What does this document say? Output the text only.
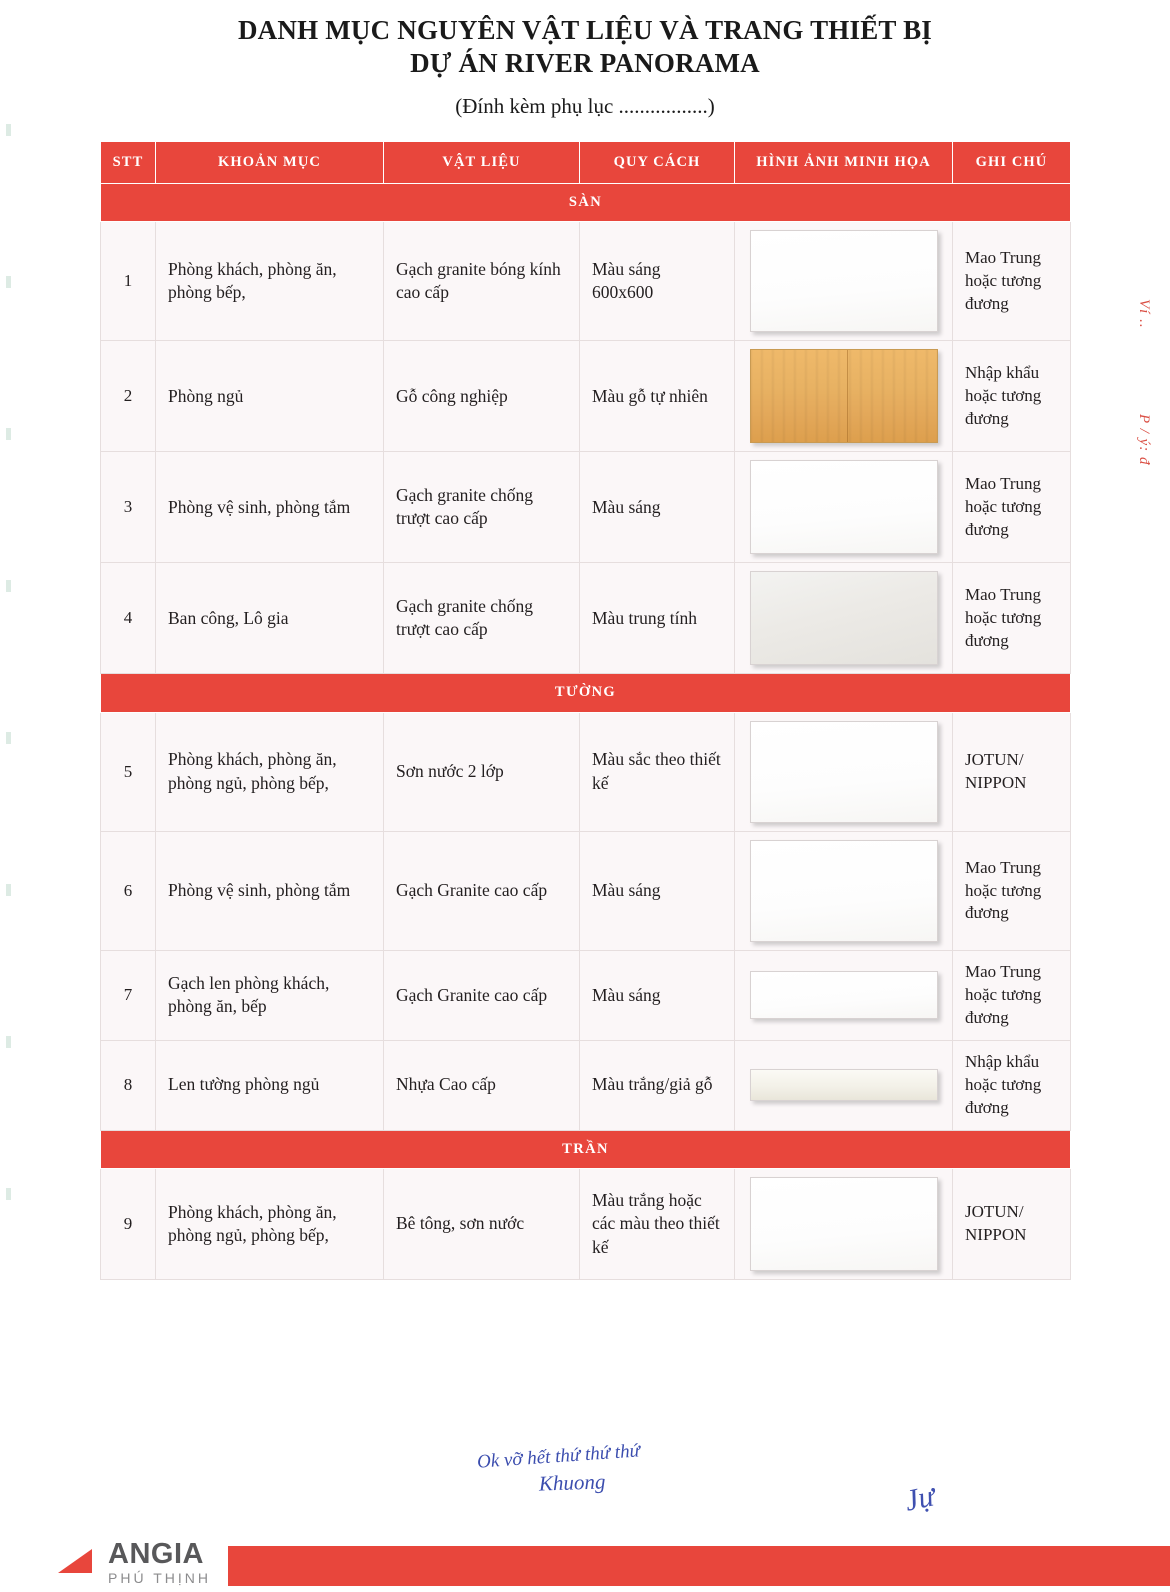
DANH MỤC NGUYÊN VẬT LIỆU VÀ TRANG THIẾT BỊ
DỰ ÁN RIVER PANORAMA
(Đính kèm phụ lục .................)
Ví ..
P / ý: đ
STT	KHOẢN MỤC	VẬT LIỆU	QUY CÁCH	HÌNH ẢNH MINH HỌA	GHI CHÚ
SÀN					
1	Phòng khách, phòng ăn, phòng bếp,	Gạch granite bóng kính cao cấp	Màu sáng 600x600		Mao Trung hoặc tương đương
2	Phòng ngủ	Gỗ công nghiệp	Màu gỗ tự nhiên		Nhập khẩu hoặc tương đương
3	Phòng vệ sinh, phòng tắm	Gạch granite chống trượt cao cấp	Màu sáng		Mao Trung hoặc tương đương
4	Ban công, Lô gia	Gạch granite chống trượt cao cấp	Màu trung tính		Mao Trung hoặc tương đương
TƯỜNG					
5	Phòng khách, phòng ăn, phòng ngủ, phòng bếp,	Sơn nước 2 lớp	Màu sắc theo thiết kế		JOTUN/ NIPPON
6	Phòng vệ sinh, phòng tắm	Gạch Granite cao cấp	Màu sáng		Mao Trung hoặc tương đương
7	Gạch len phòng khách, phòng ăn, bếp	Gạch Granite cao cấp	Màu sáng		Mao Trung hoặc tương đương
8	Len tường phòng ngủ	Nhựa Cao cấp	Màu trắng/giả gỗ		Nhập khẩu hoặc tương đương
TRẦN					
9	Phòng khách, phòng ăn, phòng ngủ, phòng bếp,	Bê tông, sơn nước	Màu trắng hoặc các màu theo thiết kế		JOTUN/ NIPPON
Ok vỡ hết thứ thứ thứ
Khuong	Jự
ANGIA
PHÚ THỊNH
